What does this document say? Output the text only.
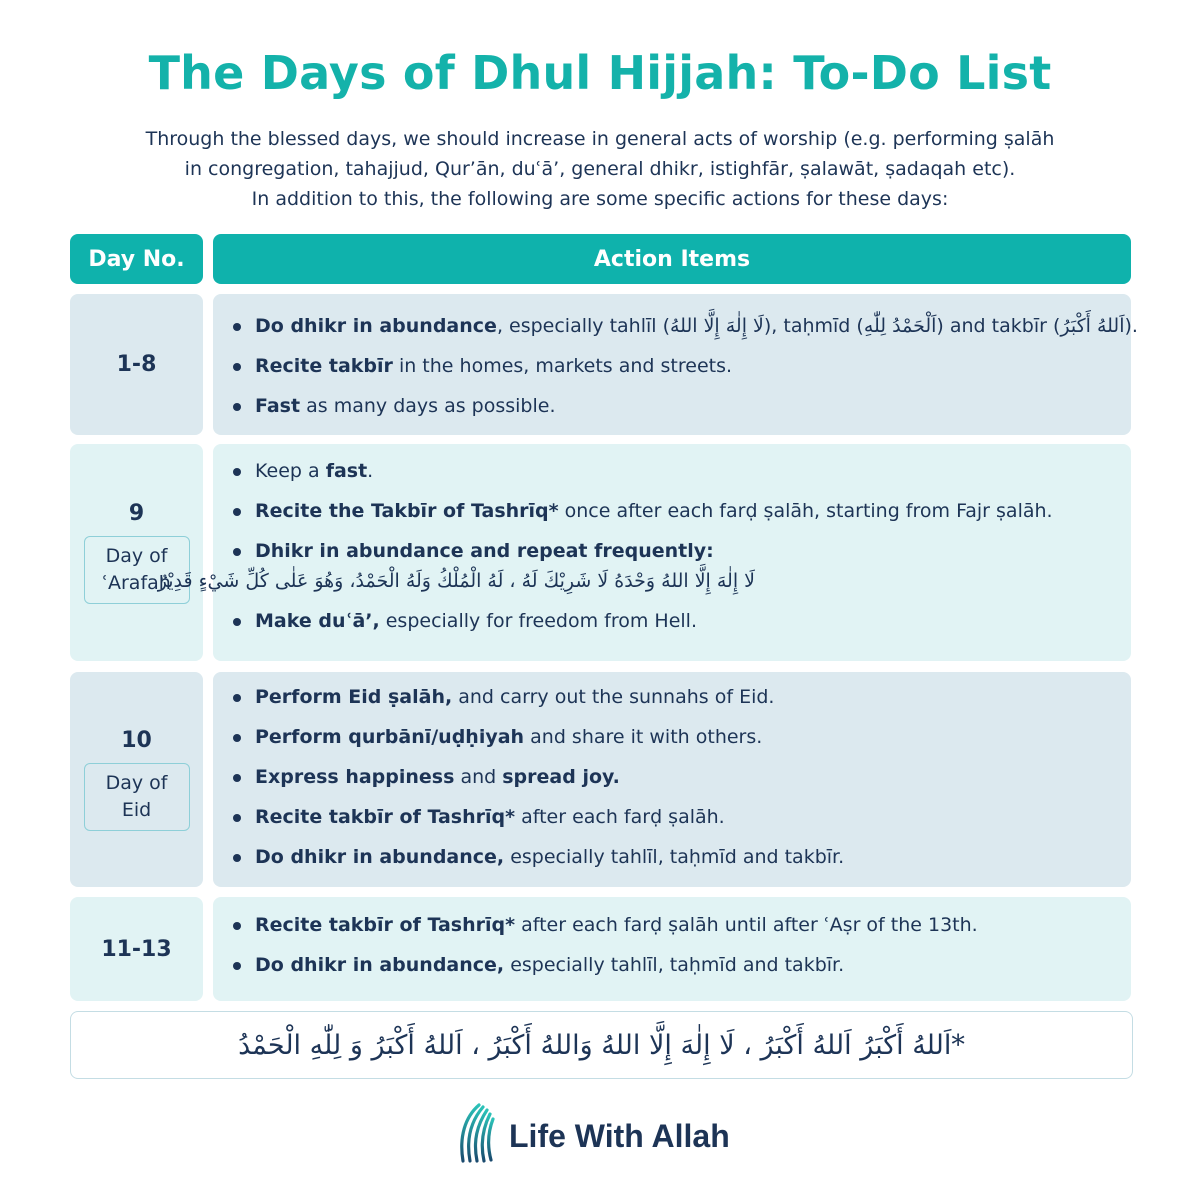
The Days of Dhul Hijjah: To-Do List
Through the blessed days, we should increase in general acts of worship (e.g. performing ṣalāh
in congregation, tahajjud, Qur’ān, duʿā’, general dhikr, istighfār, ṣalawāt, ṣadaqah etc).
In addition to this, the following are some specific actions for these days:
Day No.	Action Items
1-8
Do dhikr in abundance, especially tahlīl (لَا إِلٰهَ إِلَّا اللهُ), taḥmīd (اَلْحَمْدُ لِلّٰهِ) and takbīr (اَللهُ أَكْبَرُ).
Recite takbīr in the homes, markets and streets.
Fast as many days as possible.
9
Day of ʿArafah
Keep a fast.
Recite the Takbīr of Tashrīq* once after each farḍ ṣalāh, starting from Fajr ṣalāh.
Dhikr in abundance and repeat frequently:
لَا إِلٰهَ إِلَّا اللهُ وَحْدَهُ لَا شَرِيْكَ لَهُ ، لَهُ الْمُلْكُ وَلَهُ الْحَمْدُ، وَهُوَ عَلٰى كُلِّ شَيْءٍ قَدِيْرٌ
Make duʿā’, especially for freedom from Hell.
10
Day of Eid
Perform Eid ṣalāh, and carry out the sunnahs of Eid.
Perform qurbānī/uḍḥiyah and share it with others.
Express happiness and spread joy.
Recite takbīr of Tashrīq* after each farḍ ṣalāh.
Do dhikr in abundance, especially tahlīl, taḥmīd and takbīr.
11-13
Recite takbīr of Tashrīq* after each farḍ ṣalāh until after ʿAṣr of the 13th.
Do dhikr in abundance, especially tahlīl, taḥmīd and takbīr.
*اَللهُ أَكْبَرُ اَللهُ أَكْبَرُ ، لَا إِلٰهَ إِلَّا اللهُ وَاللهُ أَكْبَرُ ، اَللهُ أَكْبَرُ وَ لِلّٰهِ الْحَمْدُ
Life With Allah
